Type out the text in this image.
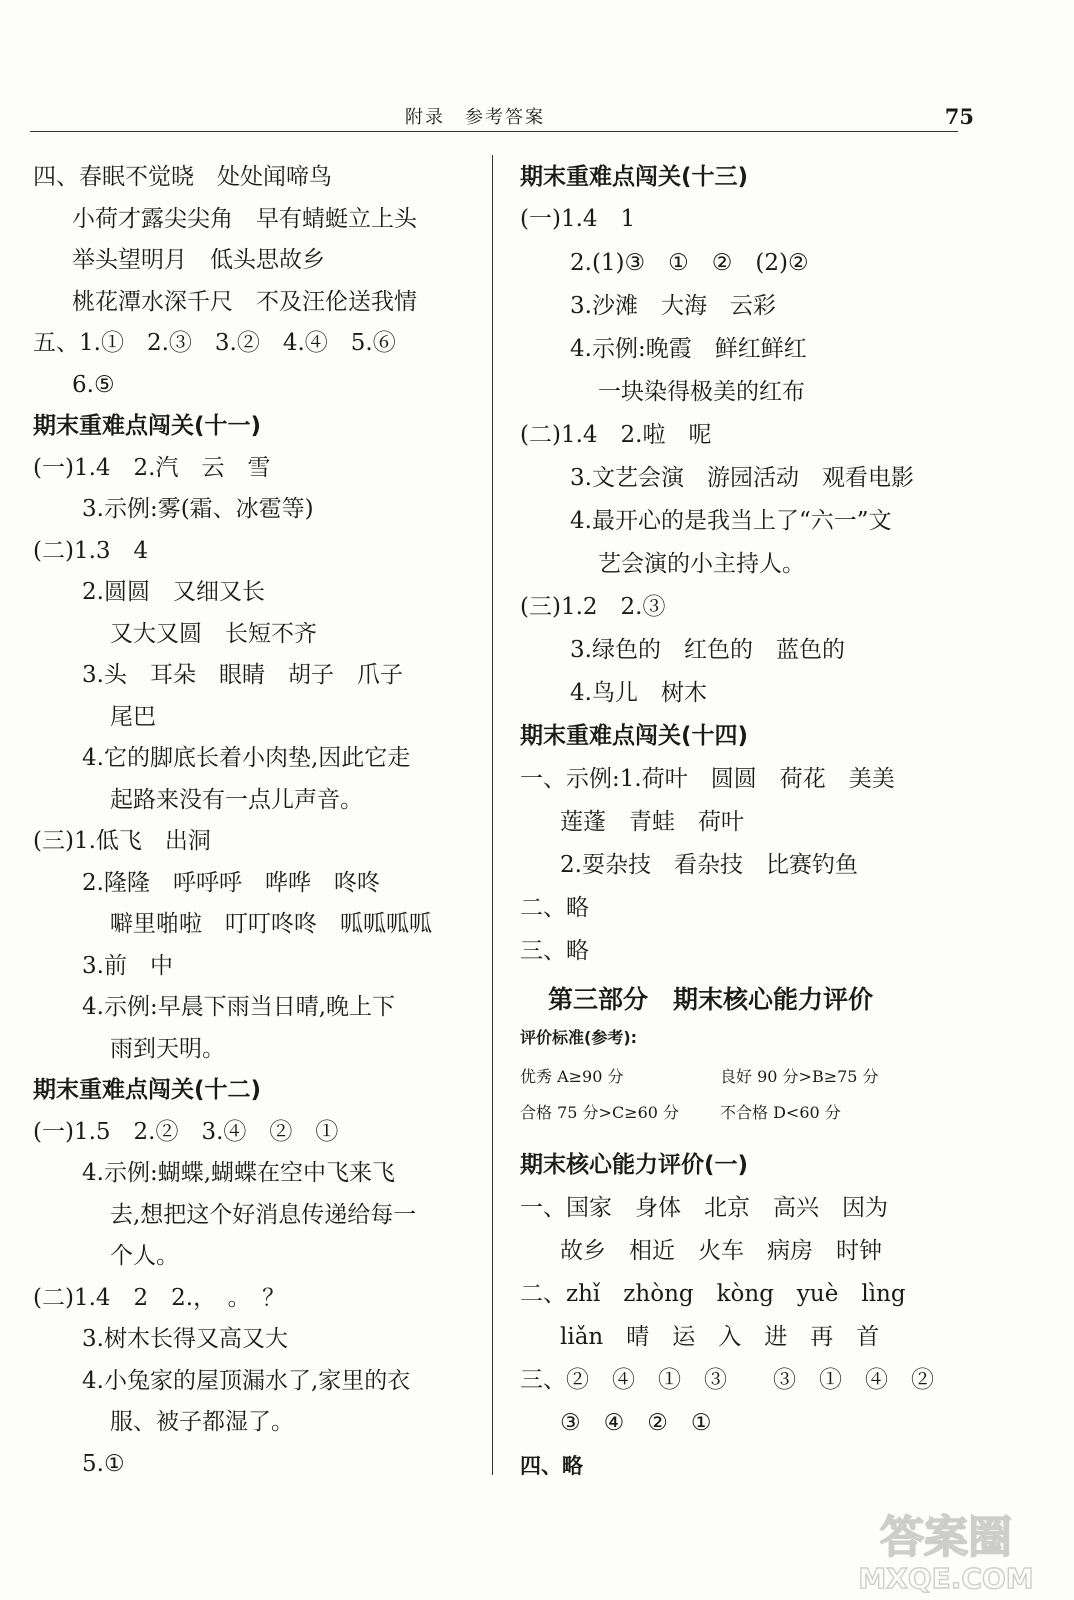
附录　参考答案	75
四、春眠不觉晓　处处闻啼鸟
小荷才露尖尖角　早有蜻蜓立上头
举头望明月　低头思故乡
桃花潭水深千尺　不及汪伦送我情
五、1.①　2.③　3.②　4.④　5.⑥
6.⑤
期末重难点闯关(十一)
(一)1.4　2.汽　云　雪
3.示例:雾(霜、冰雹等)
(二)1.3　4
2.圆圆　又细又长
又大又圆　长短不齐
3.头　耳朵　眼睛　胡子　爪子
尾巴
4.它的脚底长着小肉垫,因此它走
起路来没有一点儿声音。
(三)1.低飞　出洞
2.隆隆　呼呼呼　哗哗　咚咚
噼里啪啦　叮叮咚咚　呱呱呱呱
3.前　中
4.示例:早晨下雨当日晴,晚上下
雨到天明。
期末重难点闯关(十二)
(一)1.5　2.②　3.④　②　①
4.示例:蝴蝶,蝴蝶在空中飞来飞
去,想把这个好消息传递给每一
个人。
(二)1.4　2　2.，　。　？
3.树木长得又高又大
4.小兔家的屋顶漏水了,家里的衣
服、被子都湿了。
5.①
期末重难点闯关(十三)
(一)1.4　1
2.(1)③　①　②　(2)②
3.沙滩　大海　云彩
4.示例:晚霞　鲜红鲜红
一块染得极美的红布
(二)1.4　2.啦　呢
3.文艺会演　游园活动　观看电影
4.最开心的是我当上了“六一”文
艺会演的小主持人。
(三)1.2　2.③
3.绿色的　红色的　蓝色的
4.鸟儿　树木
期末重难点闯关(十四)
一、示例:1.荷叶　圆圆　荷花　美美
莲蓬　青蛙　荷叶
2.耍杂技　看杂技　比赛钓鱼
二、略
三、略
第三部分　期末核心能力评价
评价标准(参考):
优秀 A≥90 分	良好 90 分>B≥75 分
合格 75 分>C≥60 分	不合格 D<60 分
期末核心能力评价(一)
一、国家　身体　北京　高兴　因为
故乡　相近　火车　病房　时钟
二、zhǐ　zhòng　kòng　yuè　lìng
liǎn　晴　运　入　进　再　首
三、②　④　①　③　　③　①　④　②
③　④　②　①
四、略
答案圈
MXQE.COM
